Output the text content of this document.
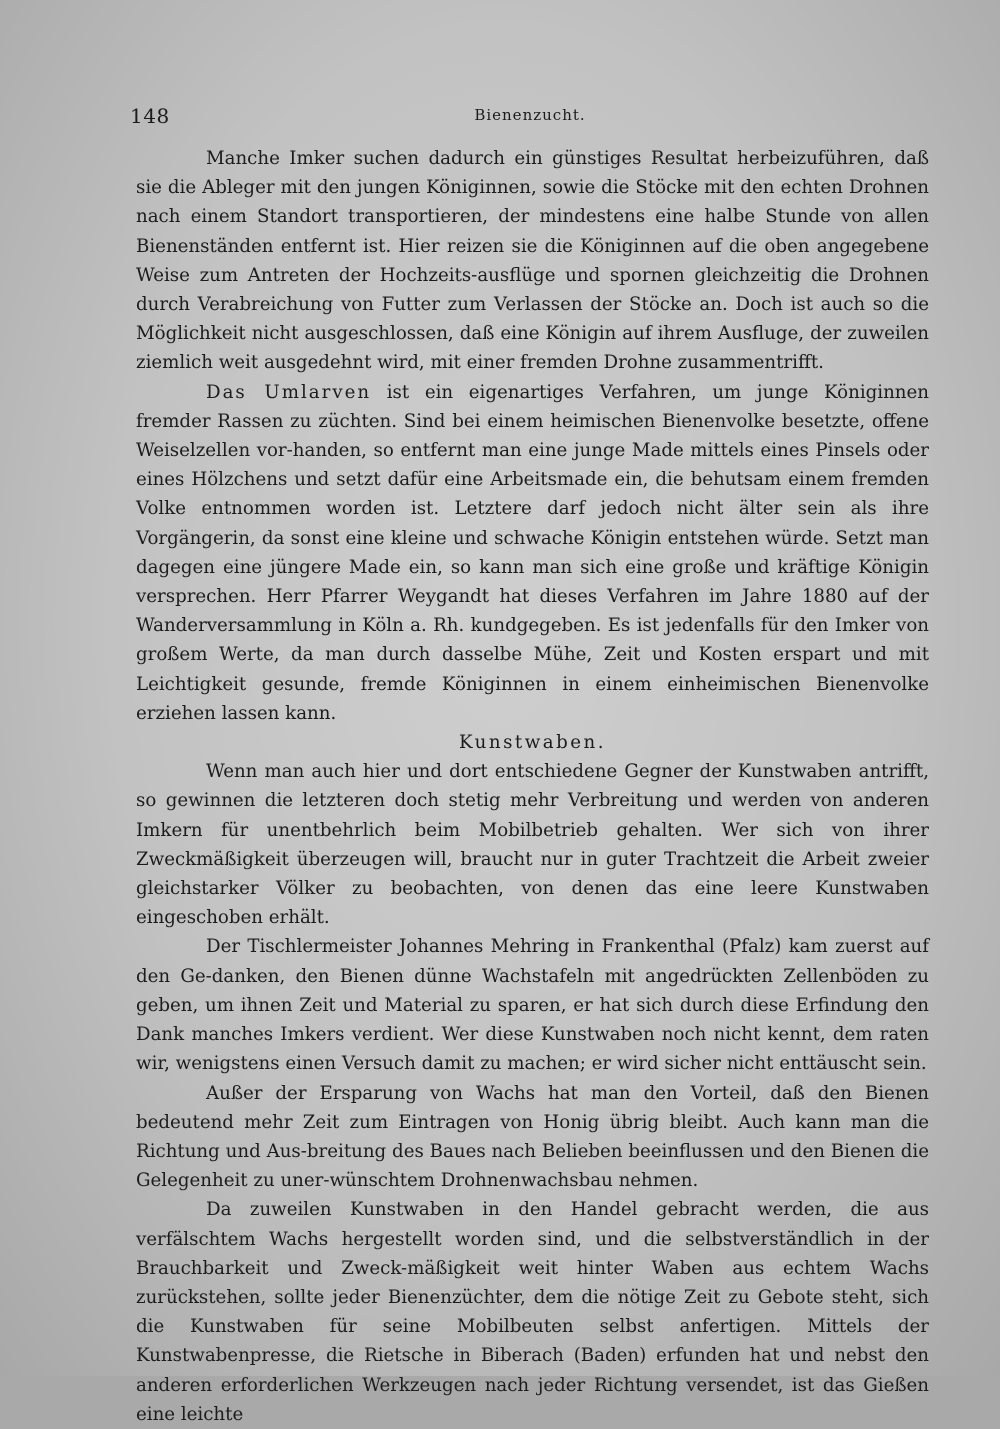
148	Bienenzucht.

Manche Imker suchen dadurch ein günstiges Resultat herbeizuführen, daß sie die Ableger mit den jungen Königinnen, sowie die Stöcke mit den echten Drohnen nach einem Standort transportieren, der mindestens eine halbe Stunde von allen Bienenständen entfernt ist. Hier reizen sie die Königinnen auf die oben angegebene Weise zum Antreten der Hochzeits-ausflüge und spornen gleichzeitig die Drohnen durch Verabreichung von Futter zum Verlassen der Stöcke an. Doch ist auch so die Möglichkeit nicht ausgeschlossen, daß eine Königin auf ihrem Ausfluge, der zuweilen ziemlich weit ausgedehnt wird, mit einer fremden Drohne zusammentrifft.

Das Umlarven ist ein eigenartiges Verfahren, um junge Königinnen fremder Rassen zu züchten. Sind bei einem heimischen Bienenvolke besetzte, offene Weiselzellen vor-handen, so entfernt man eine junge Made mittels eines Pinsels oder eines Hölzchens und setzt dafür eine Arbeitsmade ein, die behutsam einem fremden Volke entnommen worden ist. Letztere darf jedoch nicht älter sein als ihre Vorgängerin, da sonst eine kleine und schwache Königin entstehen würde. Setzt man dagegen eine jüngere Made ein, so kann man sich eine große und kräftige Königin versprechen. Herr Pfarrer Weygandt hat dieses Verfahren im Jahre 1880 auf der Wanderversammlung in Köln a. Rh. kundgegeben. Es ist jedenfalls für den Imker von großem Werte, da man durch dasselbe Mühe, Zeit und Kosten erspart und mit Leichtigkeit gesunde, fremde Königinnen in einem einheimischen Bienenvolke erziehen lassen kann.

Kunstwaben.

Wenn man auch hier und dort entschiedene Gegner der Kunstwaben antrifft, so gewinnen die letzteren doch stetig mehr Verbreitung und werden von anderen Imkern für unentbehrlich beim Mobilbetrieb gehalten. Wer sich von ihrer Zweckmäßigkeit überzeugen will, braucht nur in guter Trachtzeit die Arbeit zweier gleichstarker Völker zu beobachten, von denen das eine leere Kunstwaben eingeschoben erhält.

Der Tischlermeister Johannes Mehring in Frankenthal (Pfalz) kam zuerst auf den Ge-danken, den Bienen dünne Wachstafeln mit angedrückten Zellenböden zu geben, um ihnen Zeit und Material zu sparen, er hat sich durch diese Erfindung den Dank manches Imkers verdient. Wer diese Kunstwaben noch nicht kennt, dem raten wir, wenigstens einen Versuch damit zu machen; er wird sicher nicht enttäuscht sein.

Außer der Ersparung von Wachs hat man den Vorteil, daß den Bienen bedeutend mehr Zeit zum Eintragen von Honig übrig bleibt. Auch kann man die Richtung und Aus-breitung des Baues nach Belieben beeinflussen und den Bienen die Gelegenheit zu uner-wünschtem Drohnenwachsbau nehmen.

Da zuweilen Kunstwaben in den Handel gebracht werden, die aus verfälschtem Wachs hergestellt worden sind, und die selbstverständlich in der Brauchbarkeit und Zweck-mäßigkeit weit hinter Waben aus echtem Wachs zurückstehen, sollte jeder Bienenzüchter, dem die nötige Zeit zu Gebote steht, sich die Kunstwaben für seine Mobilbeuten selbst anfertigen. Mittels der Kunstwabenpresse, die Rietsche in Biberach (Baden) erfunden hat und nebst den anderen erforderlichen Werkzeugen nach jeder Richtung versendet, ist das Gießen eine leichte
